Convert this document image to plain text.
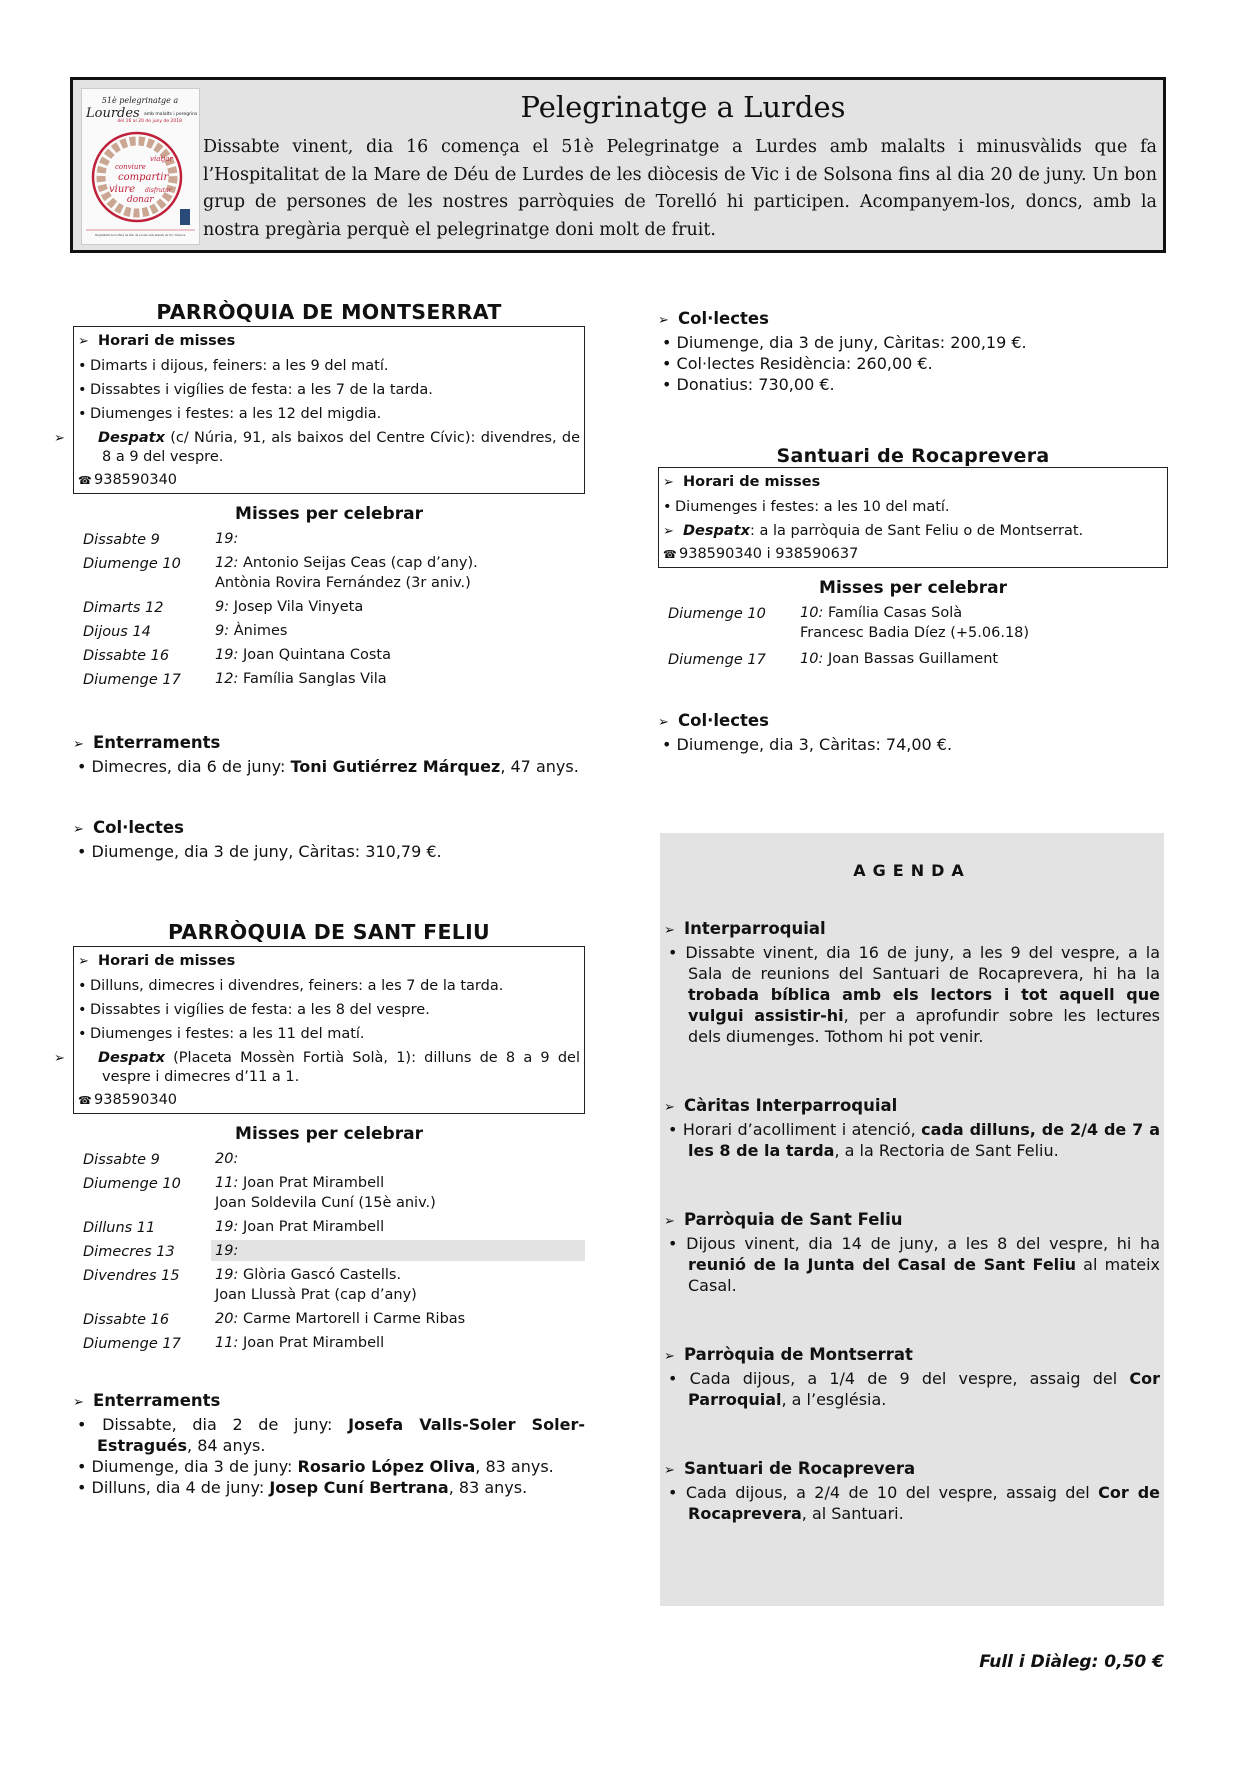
51è pelegrinatge a
Lourdes amb malalts i peregrins
del 16 al 20 de juny de 2018
viatjar
conviure
compartir
viure disfrutar
donar
Hospitalitat de la Mare de Déu de Lurdes dels bisbats de Vic i Solsona
Pelegrinatge a Lurdes
Dissabte vinent, dia 16 comença el 51è Pelegrinatge a Lurdes amb malalts i minusvàlids que fa l’Hospitalitat de la Mare de Déu de Lurdes de les diòcesis de Vic i de Solsona fins al dia 20 de juny. Un bon grup de persones de les nostres parròquies de Torelló hi participen. Acompanyem-los, doncs, amb la nostra pregària perquè el pelegrinatge doni molt de fruit.
PARRÒQUIA DE MONTSERRAT
➢ Horari de misses
• Dimarts i dijous, feiners: a les 9 del matí.
• Dissabtes i vigílies de festa: a les 7 de la tarda.
• Diumenges i festes: a les 12 del migdia.
➢ Despatx (c/ Núria, 91, als baixos del Centre Cívic): divendres, de 8 a 9 del vespre.
☎ 938590340
Misses per celebrar
Dissabte 9	19:
Diumenge 10	12: Antonio Seijas Ceas (cap d’any).
Antònia Rovira Fernández (3r aniv.)
Dimarts 12	9: Josep Vila Vinyeta
Dijous 14	9: Ànimes
Dissabte 16	19: Joan Quintana Costa
Diumenge 17	12: Família Sanglas Vila
➢ Enterraments
• Dimecres, dia 6 de juny: Toni Gutiérrez Márquez, 47 anys.
➢ Col·lectes
• Diumenge, dia 3 de juny, Càritas: 310,79 €.
PARRÒQUIA DE SANT FELIU
➢ Horari de misses
• Dilluns, dimecres i divendres, feiners: a les 7 de la tarda.
• Dissabtes i vigílies de festa: a les 8 del vespre.
• Diumenges i festes: a les 11 del matí.
➢ Despatx (Placeta Mossèn Fortià Solà, 1): dilluns de 8 a 9 del vespre i dimecres d’11 a 1.
☎ 938590340
Misses per celebrar
Dissabte 9	20:
Diumenge 10	11: Joan Prat Mirambell
Joan Soldevila Cuní (15è aniv.)
Dilluns 11	19: Joan Prat Mirambell
Dimecres 13	19:
Divendres 15	19: Glòria Gascó Castells.
Joan Llussà Prat (cap d’any)
Dissabte 16	20: Carme Martorell i Carme Ribas
Diumenge 17	11: Joan Prat Mirambell
➢ Enterraments
• Dissabte, dia 2 de juny: Josefa Valls-Soler Soler-Estragués, 84 anys.
• Diumenge, dia 3 de juny: Rosario López Oliva, 83 anys.
• Dilluns, dia 4 de juny: Josep Cuní Bertrana, 83 anys.
➢ Col·lectes
• Diumenge, dia 3 de juny, Càritas: 200,19 €.
• Col·lectes Residència: 260,00 €.
• Donatius: 730,00 €.
Santuari de Rocaprevera
➢ Horari de misses
• Diumenges i festes: a les 10 del matí.
➢ Despatx: a la parròquia de Sant Feliu o de Montserrat.
☎ 938590340 i 938590637
Misses per celebrar
Diumenge 10	10: Família Casas Solà
Francesc Badia Díez (+5.06.18)
Diumenge 17	10: Joan Bassas Guillament
➢ Col·lectes
• Diumenge, dia 3, Càritas: 74,00 €.
AGENDA
➢ Interparroquial
• Dissabte vinent, dia 16 de juny, a les 9 del vespre, a la Sala de reunions del Santuari de Rocaprevera, hi ha la trobada bíblica amb els lectors i tot aquell que vulgui assistir-hi, per a aprofundir sobre les lectures dels diumenges. Tothom hi pot venir.
➢ Càritas Interparroquial
• Horari d’acolliment i atenció, cada dilluns, de 2/4 de 7 a les 8 de la tarda, a la Rectoria de Sant Feliu.
➢ Parròquia de Sant Feliu
• Dijous vinent, dia 14 de juny, a les 8 del vespre, hi ha reunió de la Junta del Casal de Sant Feliu al mateix Casal.
➢ Parròquia de Montserrat
• Cada dijous, a 1/4 de 9 del vespre, assaig del Cor Parroquial, a l’església.
➢ Santuari de Rocaprevera
• Cada dijous, a 2/4 de 10 del vespre, assaig del Cor de Rocaprevera, al Santuari.
Full i Diàleg: 0,50 €
